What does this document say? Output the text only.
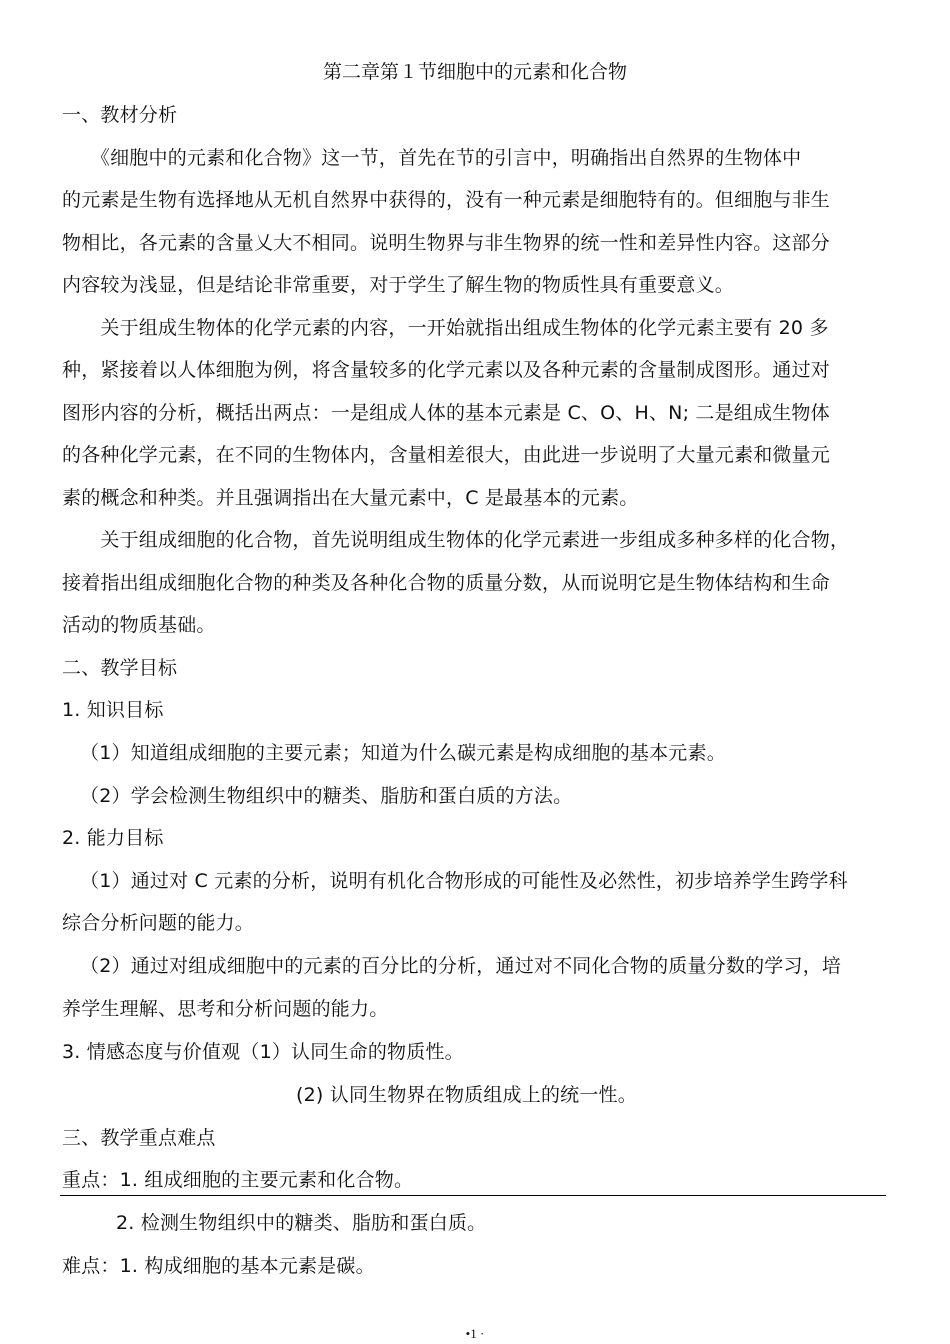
第二章第１节细胞中的元素和化合物
一、教材分析
　　《细胞中的元素和化合物》这一节，首先在节的引言中，明确指出自然界的生物体中
的元素是生物有选择地从无机自然界中获得的，没有一种元素是细胞特有的。但细胞与非生
物相比，各元素的含量乂大不相同。说明生物界与非生物界的统一性和差异性内容。这部分
内容较为浅显，但是结论非常重要，对于学生了解生物的物质性具有重要意义。
　　关于组成生物体的化学元素的内容，一开始就指出组成生物体的化学元素主要有 20 多
种，紧接着以人体细胞为例，将含量较多的化学元素以及各种元素的含量制成图形。通过对
图形内容的分析，概括出两点：一是组成人体的基本元素是 C、O、H、N; 二是组成生物体
的各种化学元素，在不同的生物体内，含量相差很大，由此进一步说明了大量元素和微量元
素的概念和种类。并且强调指出在大量元素中，C 是最基本的元素。
　　关于组成细胞的化合物，首先说明组成生物体的化学元素进一步组成多种多样的化合物，
接着指出组成细胞化合物的种类及各种化合物的质量分数，从而说明它是生物体结构和生命
活动的物质基础。
二、教学目标
1. 知识目标
（1）知道组成细胞的主要元素；知道为什么碳元素是构成细胞的基本元素。
（2）学会检测生物组织中的糖类、脂肪和蛋白质的方法。
2. 能力目标
（1）通过对 C 元素的分析，说明有机化合物形成的可能性及必然性，初步培养学生跨学科
综合分析问题的能力。
（2）通过对组成细胞中的元素的百分比的分析，通过对不同化合物的质量分数的学习，培
养学生理解、思考和分析问题的能力。
3. 情感态度与价值观（1）认同生命的物质性。
(2) 认同生物界在物质组成上的统一性。
三、教学重点难点
重点：1. 组成细胞的主要元素和化合物。
2. 检测生物组织中的糖类、脂肪和蛋白质。
难点：1. 构成细胞的基本元素是碳。
•1 ·
